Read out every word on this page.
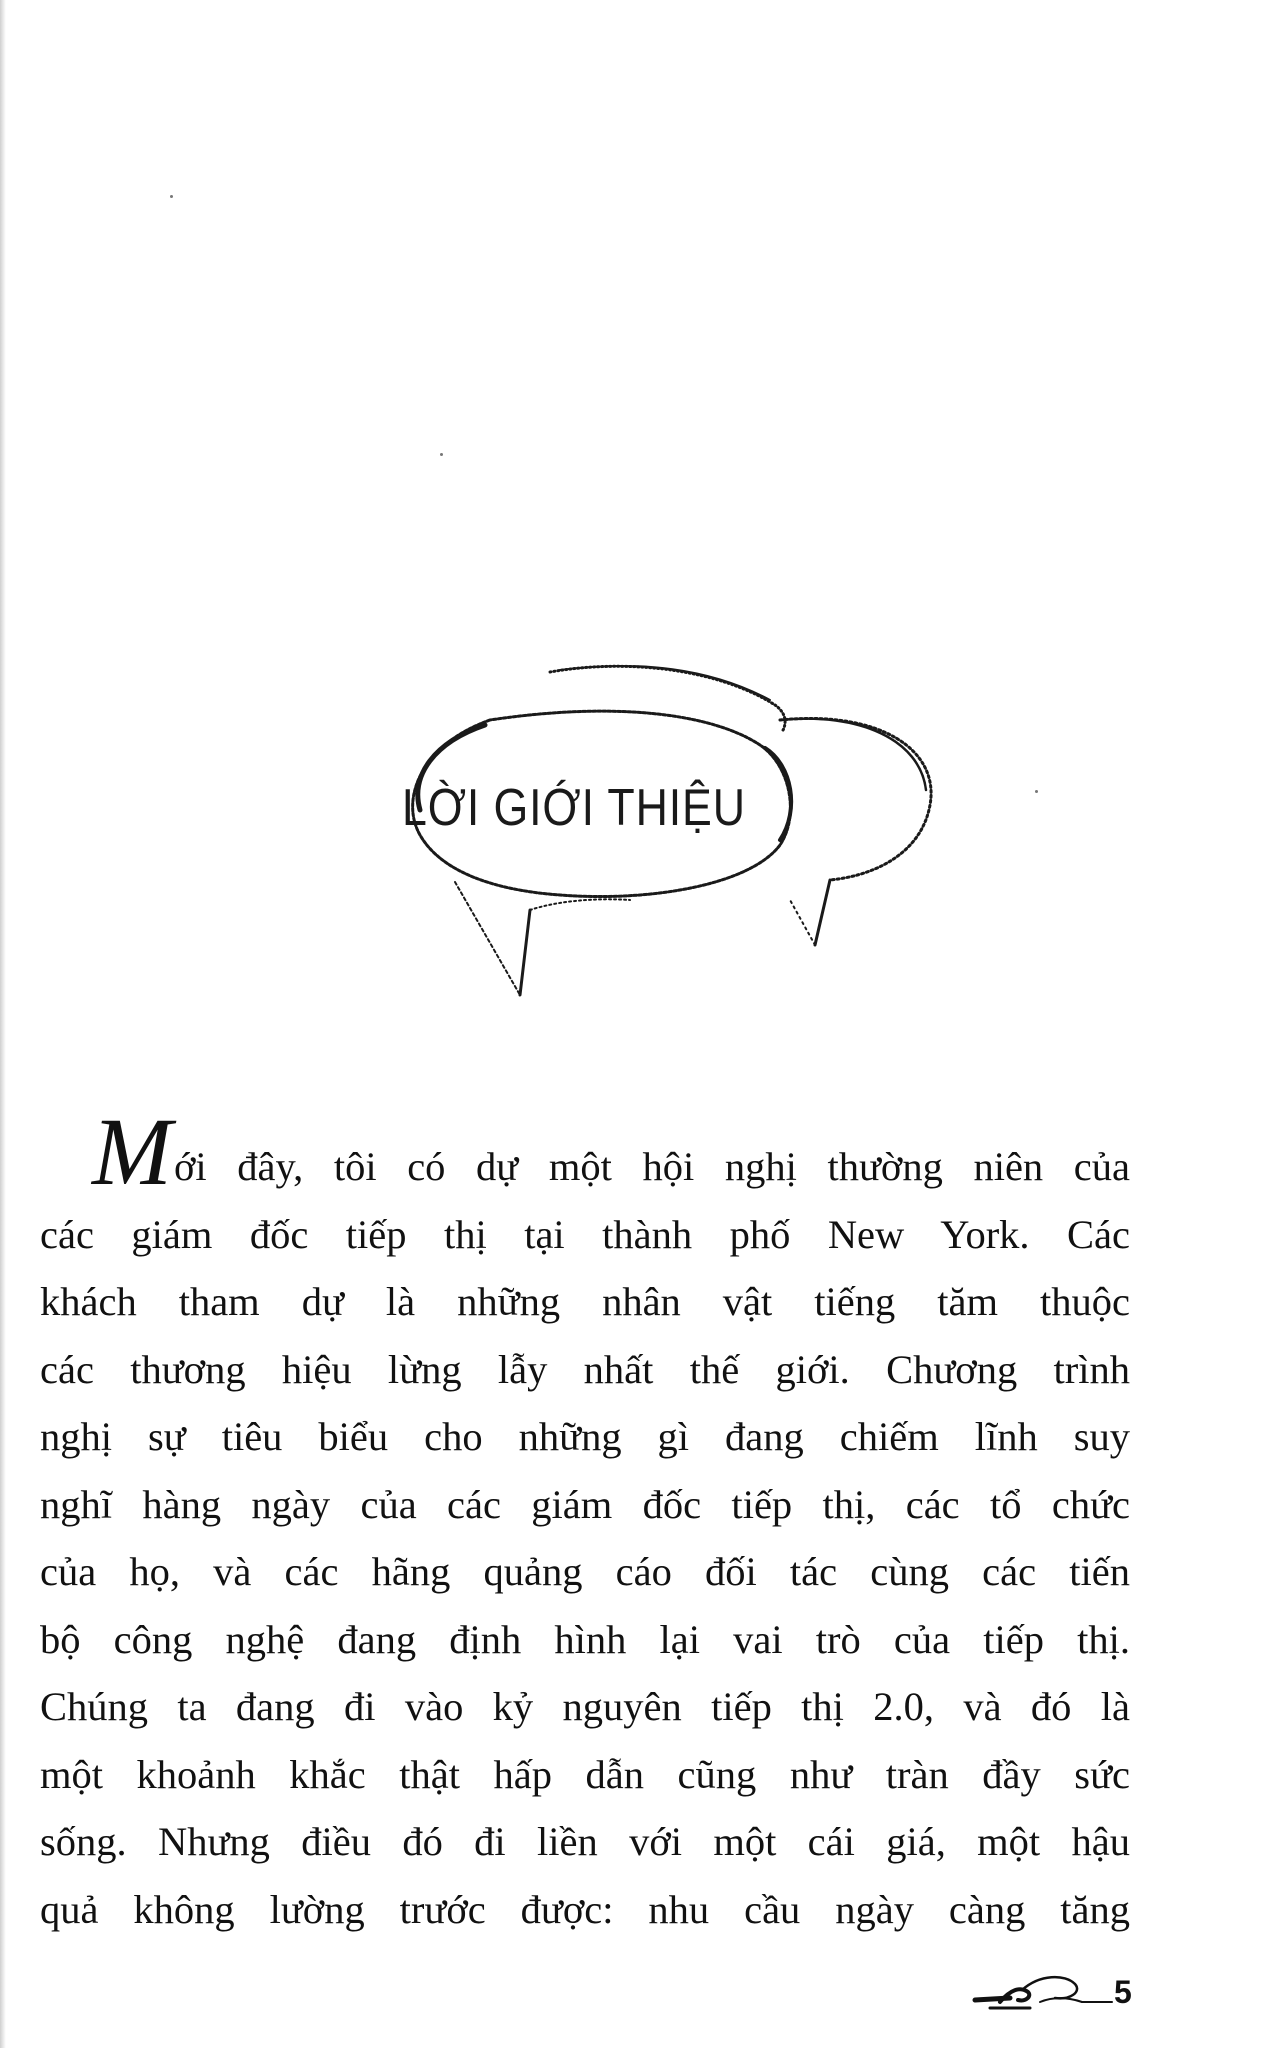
LỜI GIỚI THIỆU
Mới đây, tôi có dự một hội nghị thường niên của
các giám đốc tiếp thị tại thành phố New York. Các
khách tham dự là những nhân vật tiếng tăm thuộc
các thương hiệu lừng lẫy nhất thế giới. Chương trình
nghị sự tiêu biểu cho những gì đang chiếm lĩnh suy
nghĩ hàng ngày của các giám đốc tiếp thị, các tổ chức
của họ, và các hãng quảng cáo đối tác cùng các tiến
bộ công nghệ đang định hình lại vai trò của tiếp thị.
Chúng ta đang đi vào kỷ nguyên tiếp thị 2.0, và đó là
một khoảnh khắc thật hấp dẫn cũng như tràn đầy sức
sống. Nhưng điều đó đi liền với một cái giá, một hậu
quả không lường trước được: nhu cầu ngày càng tăng
5
